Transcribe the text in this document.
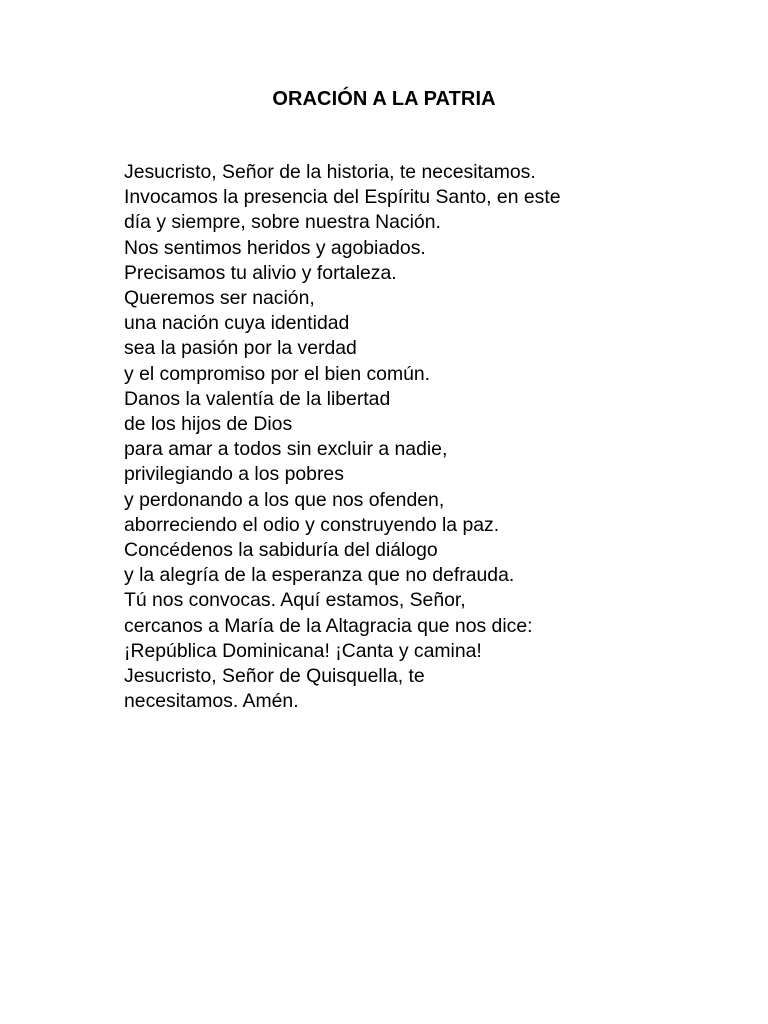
ORACIÓN A LA PATRIA
Jesucristo, Señor de la historia, te necesitamos.
Invocamos la presencia del Espíritu Santo, en este
día y siempre, sobre nuestra Nación.
Nos sentimos heridos y agobiados.
Precisamos tu alivio y fortaleza.
Queremos ser nación,
una nación cuya identidad
sea la pasión por la verdad
y el compromiso por el bien común.
Danos la valentía de la libertad
de los hijos de Dios
para amar a todos sin excluir a nadie,
privilegiando a los pobres
y perdonando a los que nos ofenden,
aborreciendo el odio y construyendo la paz.
Concédenos la sabiduría del diálogo
y la alegría de la esperanza que no defrauda.
Tú nos convocas. Aquí estamos, Señor,
cercanos a María de la Altagracia que nos dice:
¡República Dominicana! ¡Canta y camina!
Jesucristo, Señor de Quisquella, te
necesitamos. Amén.
